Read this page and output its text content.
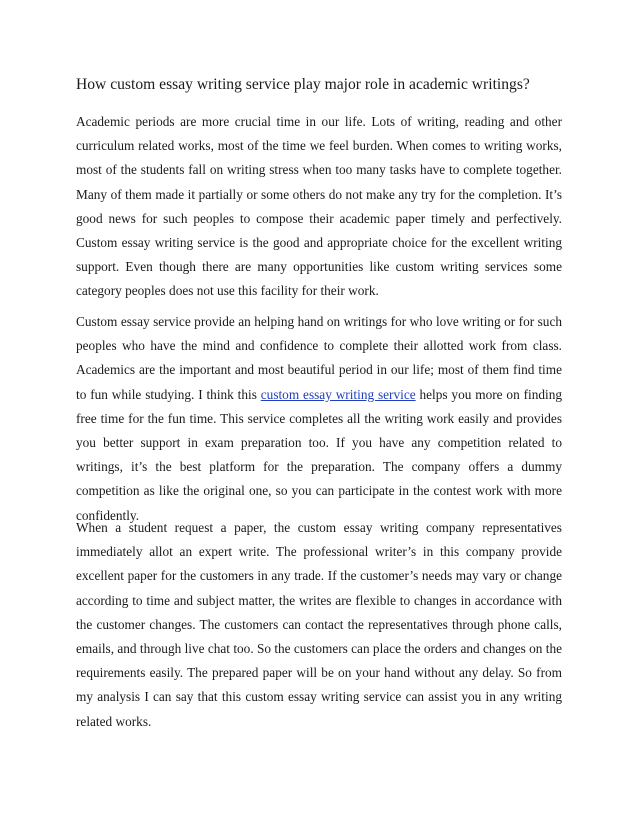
How custom essay writing service play major role in academic writings?

Academic periods are more crucial time in our life. Lots of writing, reading and other curriculum related works, most of the time we feel burden. When comes to writing works, most of the students fall on writing stress when too many tasks have to complete together. Many of them made it partially or some others do not make any try for the completion. It’s good news for such peoples to compose their academic paper timely and perfectively. Custom essay writing service is the good and appropriate choice for the excellent writing support. Even though there are many opportunities like custom writing services some category peoples does not use this facility for their work.

Custom essay service provide an helping hand on writings for who love writing or for such peoples who have the mind and confidence to complete their allotted work from class. Academics are the important and most beautiful period in our life; most of them find time to fun while studying. I think this custom essay writing service helps you more on finding free time for the fun time. This service completes all the writing work easily and provides you better support in exam preparation too. If you have any competition related to writings, it’s the best platform for the preparation. The company offers a dummy competition as like the original one, so you can participate in the contest work with more confidently.

When a student request a paper, the custom essay writing company representatives immediately allot an expert write. The professional writer’s in this company provide excellent paper for the customers in any trade. If the customer’s needs may vary or change according to time and subject matter, the writes are flexible to changes in accordance with the customer changes. The customers can contact the representatives through phone calls, emails, and through live chat too. So the customers can place the orders and changes on the requirements easily. The prepared paper will be on your hand without any delay. So from my analysis I can say that this custom essay writing service can assist you in any writing related works.
